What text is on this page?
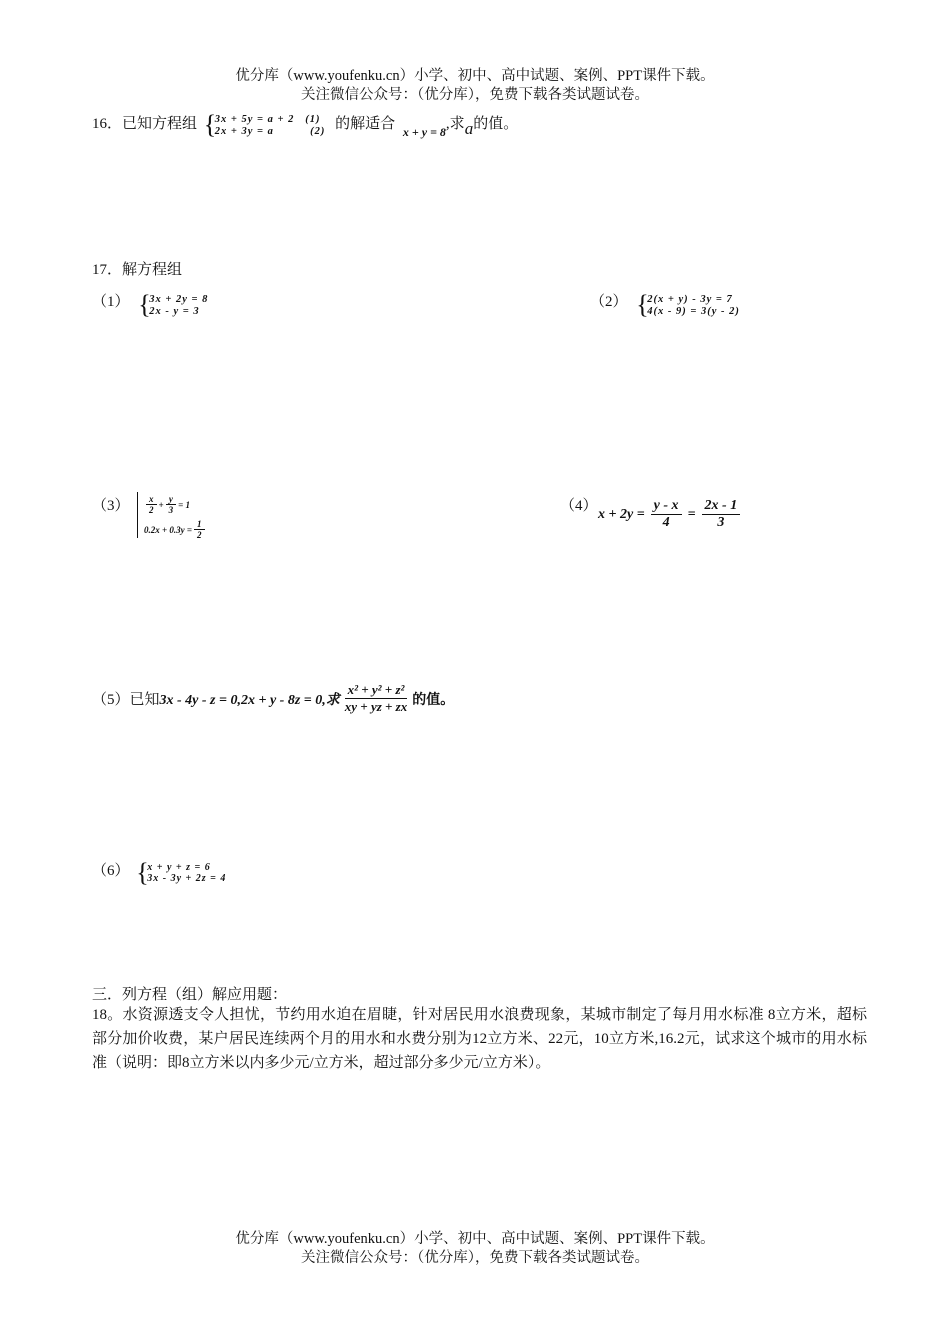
优分库（www.youfenku.cn）小学、初中、高中试题、案例、PPT课件下载。
关注微信公众号：（优分库），免费下载各类试题试卷。
16．已知方程组 { 3x + 5y = a + 2   (1)
2x + 3y = a          (2) 的解适合 $_{x + y = 8}$,求a的值。
17．解方程组
（1） { 3x + 2y = 8
2x - y = 3
（2） { 2(x + y) - 3y = 7
4(x - 9) = 3(y - 2)
$(3) \frac{x}{2} + \frac{y}{3} = 1$
$0.2x + 0.3y = \frac{1}{2}$
（4） $x + 2y = \frac{y - x}{4} = \frac{2x - 1}{3}$
（5）已知 3x - 4y - z = 0,2x + y - 8z = 0,求 $\frac{\text{x² + y² + z²}}{xy + yz + zx}$ 的值。
（6） { x + y + z = 6
3x - 3y + 2z = 4
三．列方程（组）解应用题：
18。水资源透支令人担忧，节约用水迫在眉睫，针对居民用水浪费现象，某城市制定了每月用水标准 8立方米，超标部分加价收费，某户居民连续两个月的用水和水费分别为12立方米、22元，10立方米,16.2元，试求这个城市的用水标准（说明：即8立方米以内多少元/立方米，超过部分多少元/立方米）。
优分库（www.youfenku.cn）小学、初中、高中试题、案例、PPT课件下载。
关注微信公众号：（优分库），免费下载各类试题试卷。
